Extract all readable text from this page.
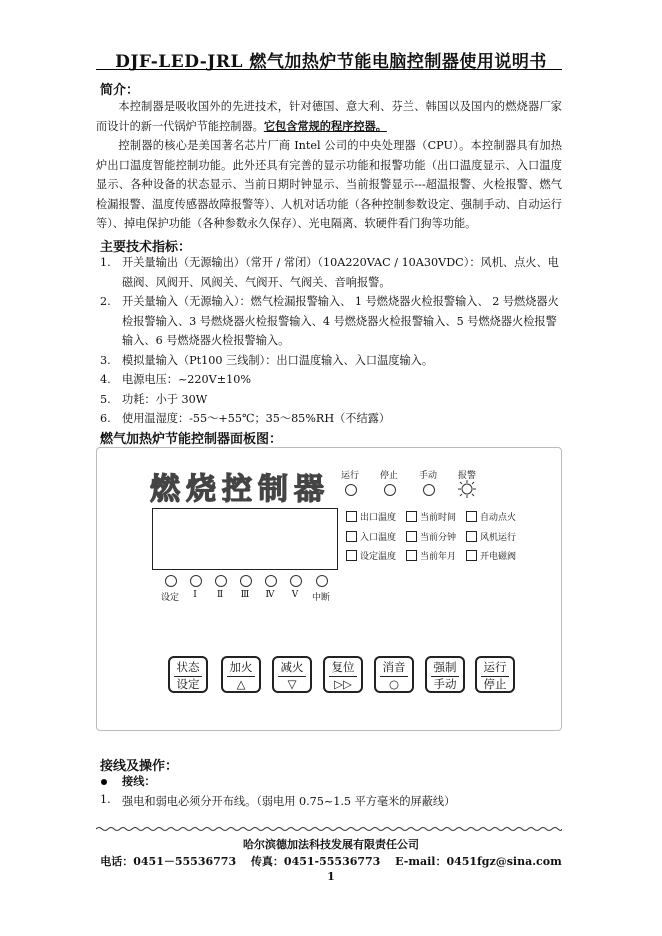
DJF-LED-JRL 燃气加热炉节能电脑控制器使用说明书
简介：
本控制器是吸收国外的先进技术，针对德国、意大利、芬兰、韩国以及国内的燃烧器厂家而设计的新一代锅炉节能控制器。它包含常规的程序控器。
控制器的核心是美国著名芯片厂商 Intel 公司的中央处理器（CPU）。本控制器具有加热炉出口温度智能控制功能。此外还具有完善的显示功能和报警功能（出口温度显示、入口温度显示、各种设备的状态显示、当前日期时钟显示、当前报警显示---超温报警、火检报警、燃气检漏报警、温度传感器故障报警等）、人机对话功能（各种控制参数设定、强制手动、自动运行等）、掉电保护功能（各种参数永久保存）、光电隔离、软硬件看门狗等功能。
主要技术指标：
1. 开关量输出（无源输出）（常开 / 常闭）（10A220VAC / 10A30VDC）：风机、点火、电磁阀、风阀开、风阀关、气阀开、气阀关、音响报警。
2. 开关量输入（无源输入）：燃气检漏报警输入、 1 号燃烧器火检报警输入、 2 号燃烧器火检报警输入、3 号燃烧器火检报警输入、4 号燃烧器火检报警输入、5 号燃烧器火检报警输入、6 号燃烧器火检报警输入。
3. 模拟量输入（Pt100 三线制）：出口温度输入、入口温度输入。
4. 电源电压：~220V±10%
5. 功耗：小于 30W
6. 使用温湿度：-55～+55℃；35～85%RH（不结露）
燃气加热炉节能控制器面板图：
燃烧控制器	运行	停止	手动	报警
出口温度	当前时间	自动点火
入口温度	当前分钟	风机运行
设定温度	当前年月	开电磁阀
设定	Ⅰ	Ⅱ	Ⅲ	Ⅳ	Ⅴ	中断
状态
设定
加火
△
减火
▽
复位
▷▷
消音
○
强制
手动
运行
停止
接线及操作：
接线：
1. 强电和弱电必须分开布线。（弱电用 0.75~1.5 平方毫米的屏蔽线）
哈尔滨德加法科技发展有限责任公司
电话：0451－55536773　 传真：0451-55536773　 E-mail：0451fgz@sina.com
1
